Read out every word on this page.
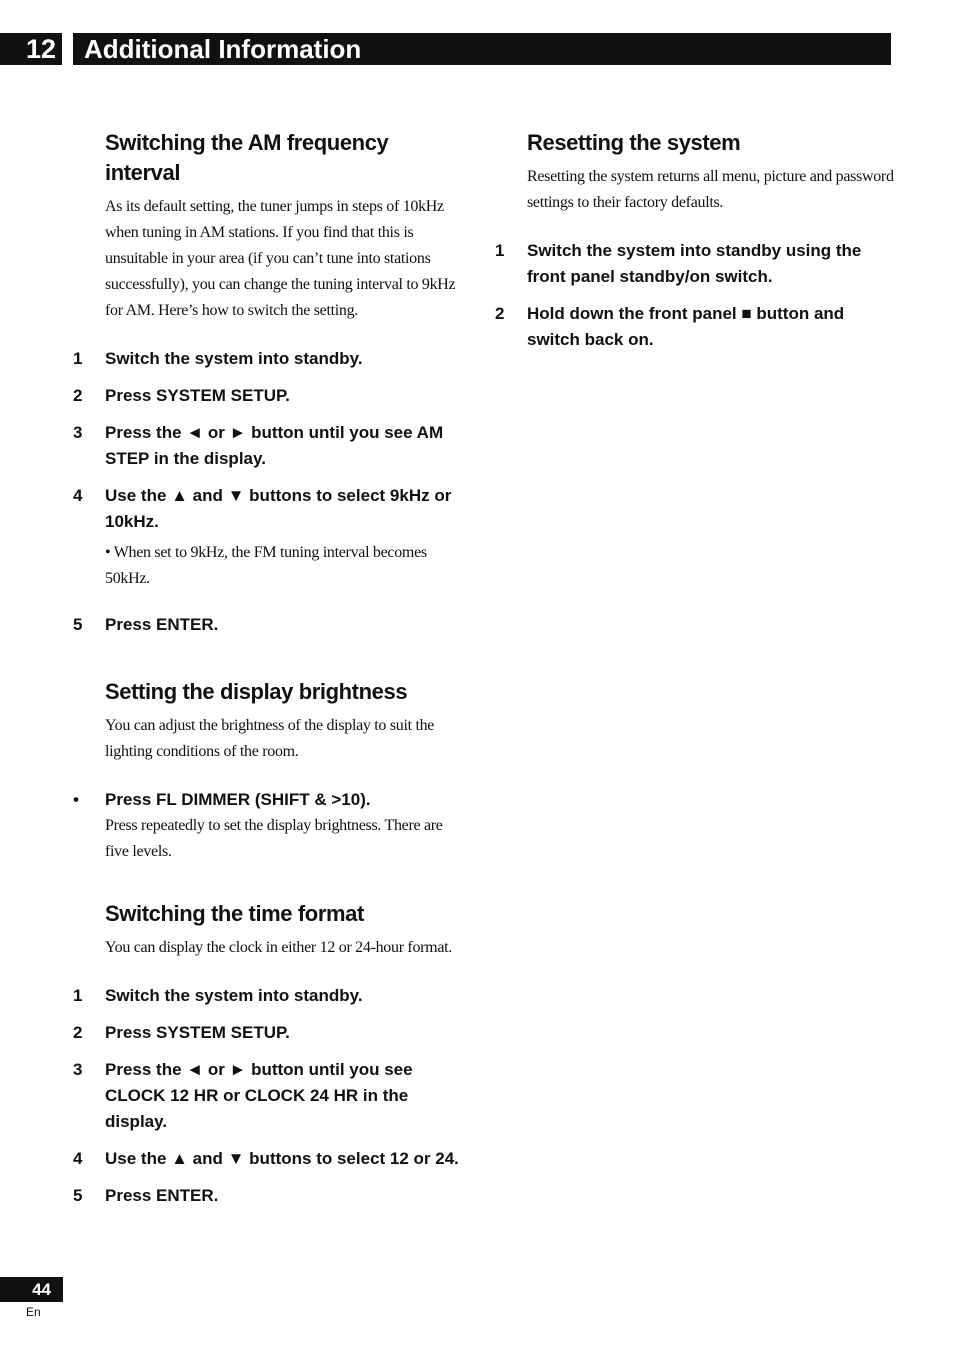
12	Additional Information
Switching the AM frequency interval

As its default setting, the tuner jumps in steps of 10kHz when tuning in AM stations. If you find that this is unsuitable in your area (if you can’t tune into stations successfully), you can change the tuning interval to 9kHz for AM. Here’s how to switch the setting.

1	Switch the system into standby.
2	Press SYSTEM SETUP.
3	Press the ◄ or ► button until you see AM STEP in the display.
4	Use the ▲ and ▼ buttons to select 9kHz or 10kHz.
• When set to 9kHz, the FM tuning interval becomes 50kHz.
5	Press ENTER.
Setting the display brightness

You can adjust the brightness of the display to suit the lighting conditions of the room.

•	Press FL DIMMER (SHIFT & >10).
Press repeatedly to set the display brightness. There are five levels.
Switching the time format

You can display the clock in either 12 or 24-hour format.

1	Switch the system into standby.
2	Press SYSTEM SETUP.
3	Press the ◄ or ► button until you see CLOCK 12 HR or CLOCK 24 HR in the display.
4	Use the ▲ and ▼ buttons to select 12 or 24.
5	Press ENTER.
Resetting the system

Resetting the system returns all menu, picture and password settings to their factory defaults.

1	Switch the system into standby using the front panel standby/on switch.
2	Hold down the front panel ■ button and switch back on.
44
En
